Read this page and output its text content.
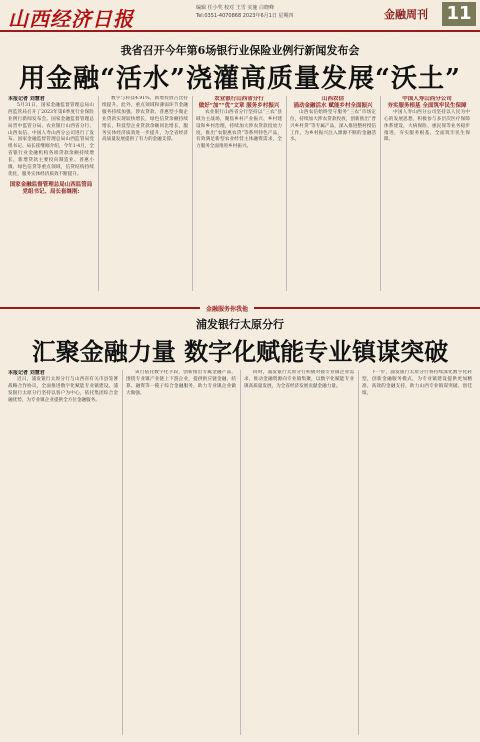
山西经济日报	编辑 任小奖 校对 王雪 实施 白晓峰
Tel:0351-4070868 2023年6月1日 星期四	金融周刊 11
我省召开今年第6场银行业保险业例行新闻发布会
用金融“活水”浇灌高质量发展“沃土”
本报记者 刘慧君

5月31日，国家金融监督管理总局山西监管局召开了2023年第6季度行业保险业例行新闻发布会。国家金融监督管理总局晋中监管分局、农业银行山西省分行、山西农信、中国人寿山西分公司进行了发布。国家金融监督管理总局山西监管局党组书记、局长崔继刚介绍，今年1-4月，全省银行业金融机构各项贷款余额持续增长，新增贷款主要投向制造业、普惠小微、绿色信贷等重点领域，信贷结构持续优化，服务实体经济质效不断提升。

国家金融监督管理总局山西监管局党组书记、局长崔继刚:

数字与科技4.91%，新增投放占比持续提升。此外，重点领域和薄弱环节金融服务持续加强，涉农贷款、普惠型小微企业贷款实现较快增长，绿色信贷余额持续增长，科技型企业贷款余额同比增长，服务实体经济质效进一步提升，为全省经济高质量发展提供了有力的金融支撑。

农业银行山西省分行
做好“加”“优”文章 服务乡村振兴

农业银行山西省分行坚持以“三农”县域为主战场，聚焦乡村产业振兴、乡村建设和乡村治理，持续加大涉农贷款投放力度，推出“农银惠农贷”等系列特色产品，有效满足新型农业经营主体融资需求，全力服务全面推进乡村振兴。

山西农信
涌动金融活水 赋能乡村全面振兴

山西农信始终坚守服务“三农”市场定位，持续加大涉农贷款投放，创新推出“晋兴乡村贷”等专属产品，深入推进整村授信工作，为乡村振兴注入源源不断的金融活水。

中国人寿山西分公司
夯实服务根基 全面筑牢民生保障

中国人寿山西分公司坚持以人民为中心的发展思想，积极参与多层次医疗保障体系建设，大病保险、惠民保等业务稳步推进，夯实服务根基，全面筑牢民生保障。

金融服务你我他
浦发银行太原分行
汇聚金融力量 数字化赋能专业镇谋突破
本报记者 刘慧君

近日，浦发银行太原分行与山西省有关市县签署战略合作协议，全面推进数字化赋能专业镇建设。浦发银行太原分行坚持以客户为中心，依托集团综合金融优势，为专业镇企业提供全方位金融服务。

该行依托数字化手段，创新推出专属金融产品，围绕专业镇产业链上下游企业，提供供应链金融、结算、融资等一揽子综合金融服务，助力专业镇企业做大做强。

同时，浦发银行太原分行积极对接专业镇企业需求，推动金融资源向专业镇集聚，以数字化赋能专业镇高质量发展，为全省经济发展贡献金融力量。

下一步，浦发银行太原分行将持续深化数字化转型，创新金融服务模式，为专业镇建设提供更加精准、高效的金融支持，助力山西专业镇谋突破、创佳绩。
